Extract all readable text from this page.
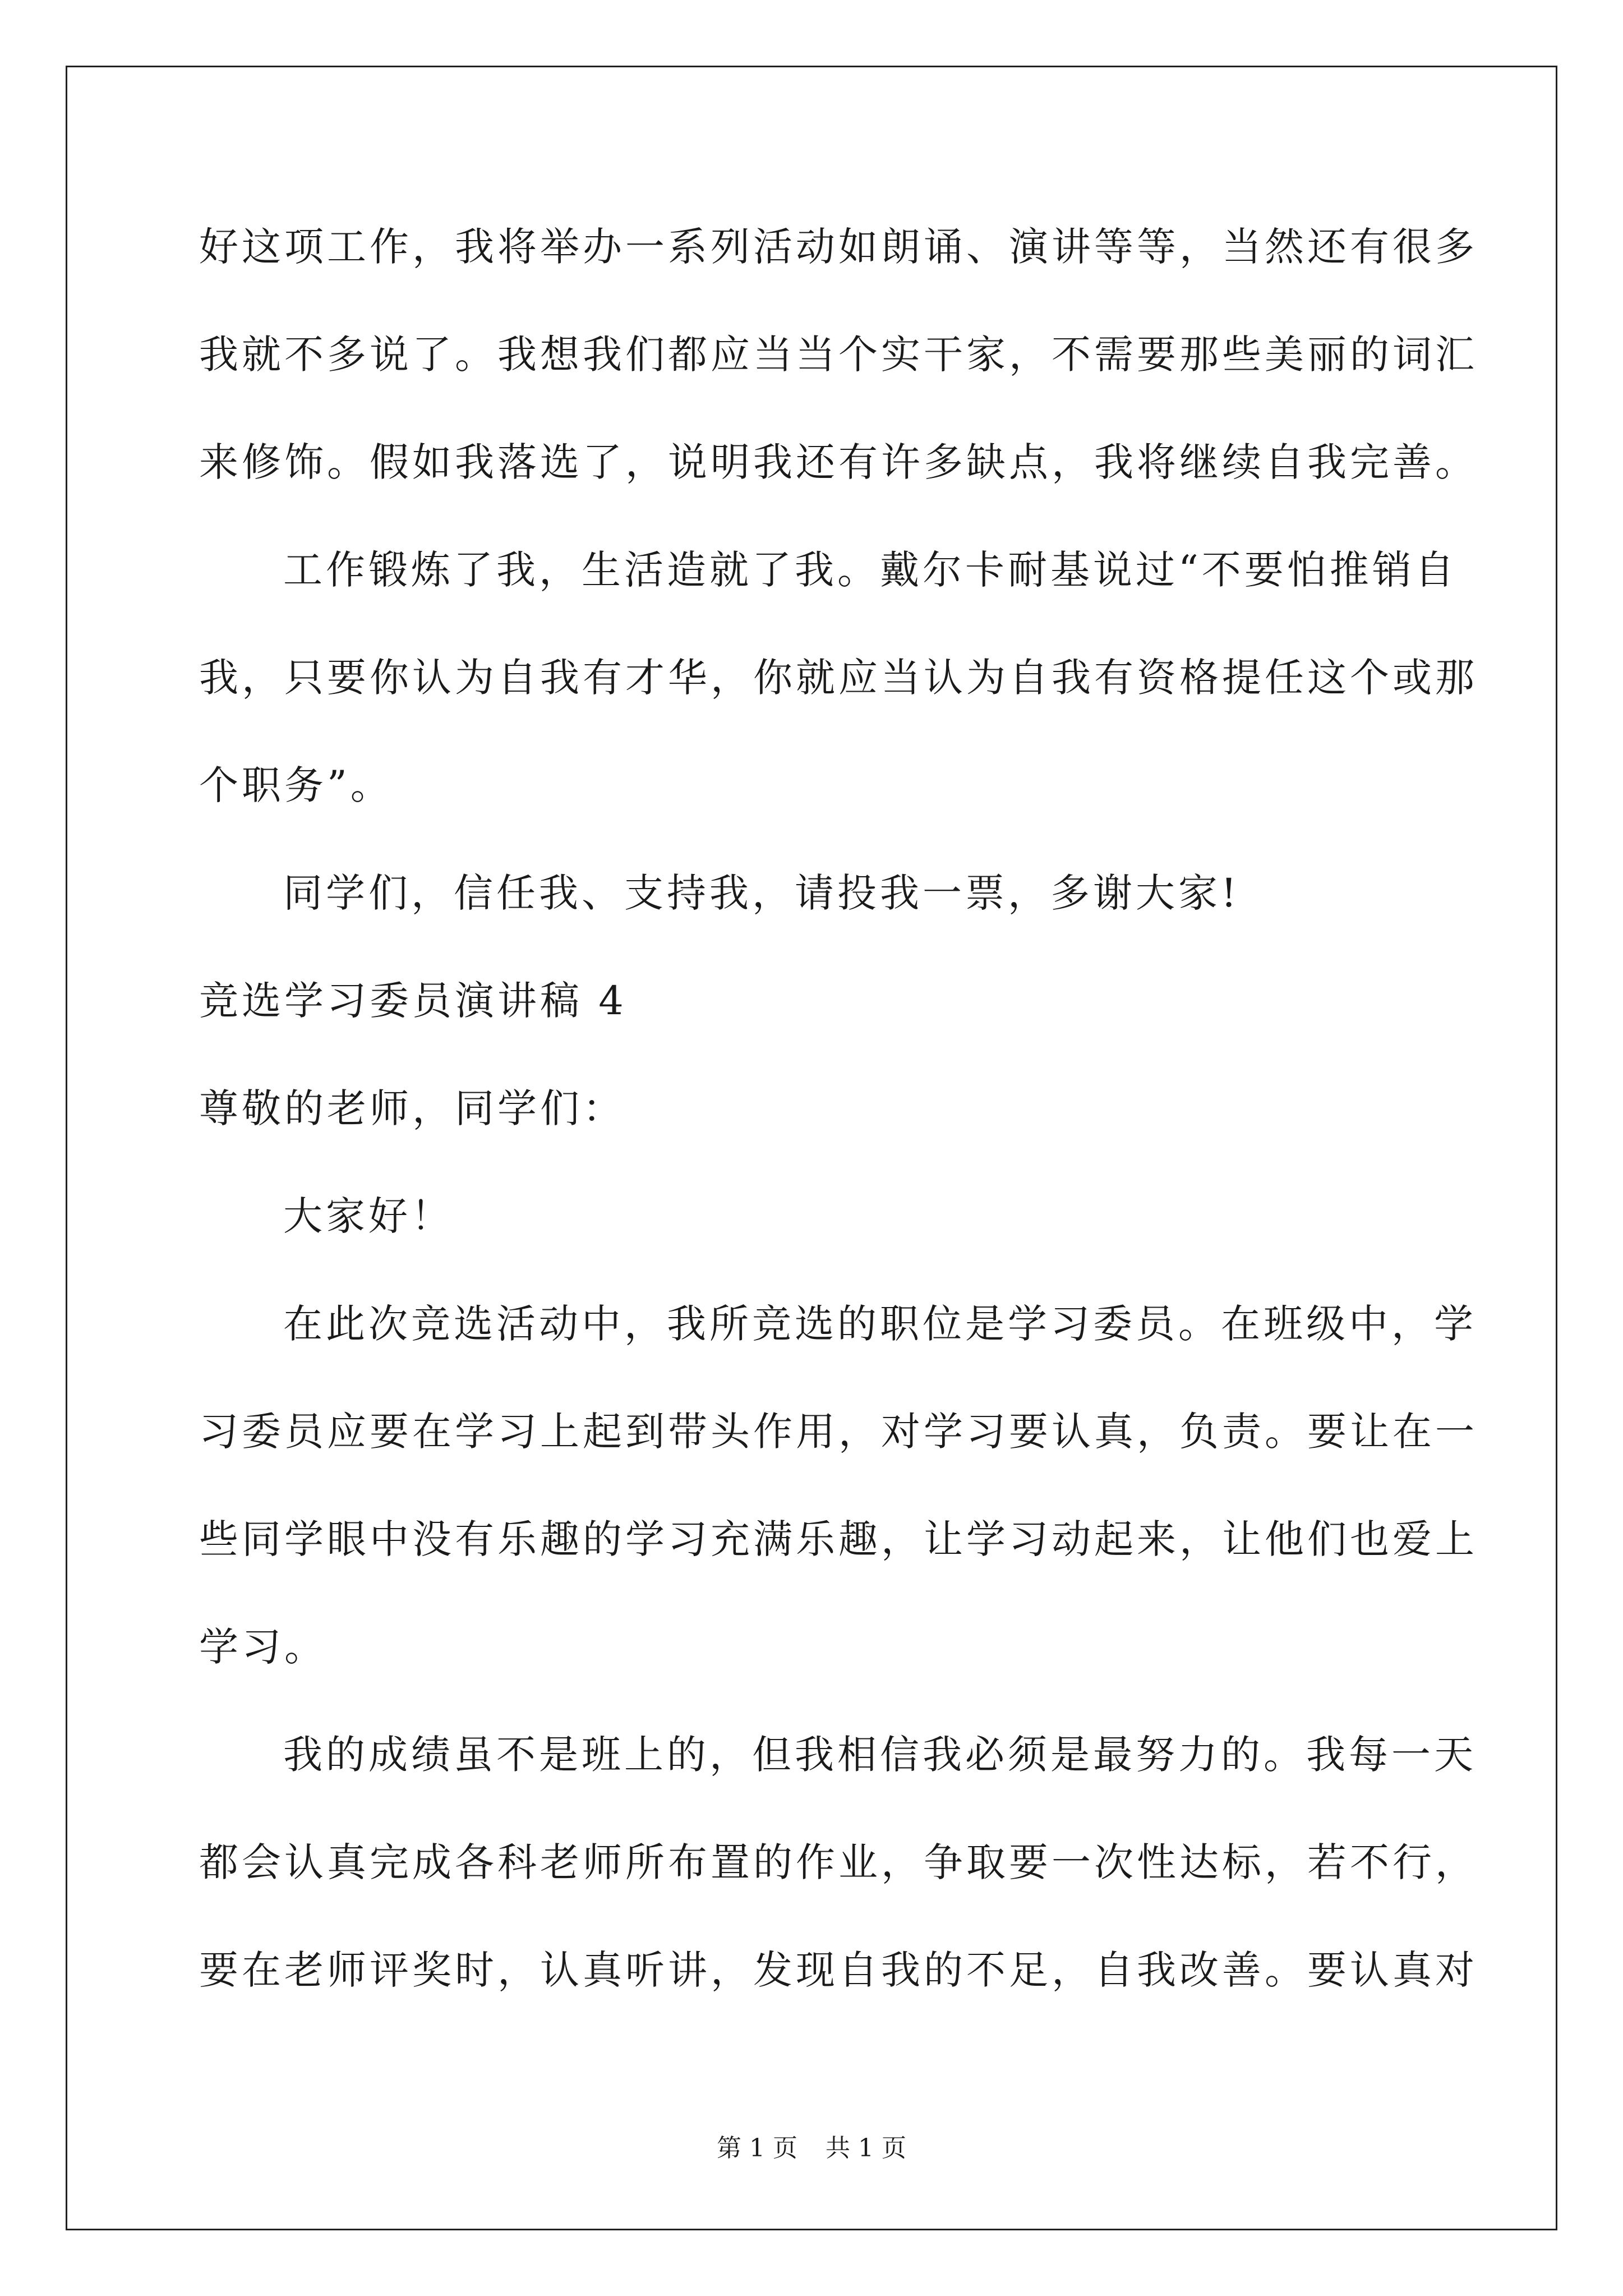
好这项工作，我将举办一系列活动如朗诵、演讲等等，当然还有很多
我就不多说了。我想我们都应当当个实干家，不需要那些美丽的词汇
来修饰。假如我落选了，说明我还有许多缺点，我将继续自我完善。
工作锻炼了我，生活造就了我。戴尔卡耐基说过“不要怕推销自
我，只要你认为自我有才华，你就应当认为自我有资格提任这个或那
个职务”。
同学们，信任我、支持我，请投我一票，多谢大家!
竞选学习委员演讲稿 4
尊敬的老师，同学们：
大家好！
在此次竞选活动中，我所竞选的职位是学习委员。在班级中，学
习委员应要在学习上起到带头作用，对学习要认真，负责。要让在一
些同学眼中没有乐趣的学习充满乐趣，让学习动起来，让他们也爱上
学习。
我的成绩虽不是班上的，但我相信我必须是最努力的。我每一天
都会认真完成各科老师所布置的作业，争取要一次性达标，若不行，
要在老师评奖时，认真听讲，发现自我的不足，自我改善。要认真对
第 1 页 共 1 页
